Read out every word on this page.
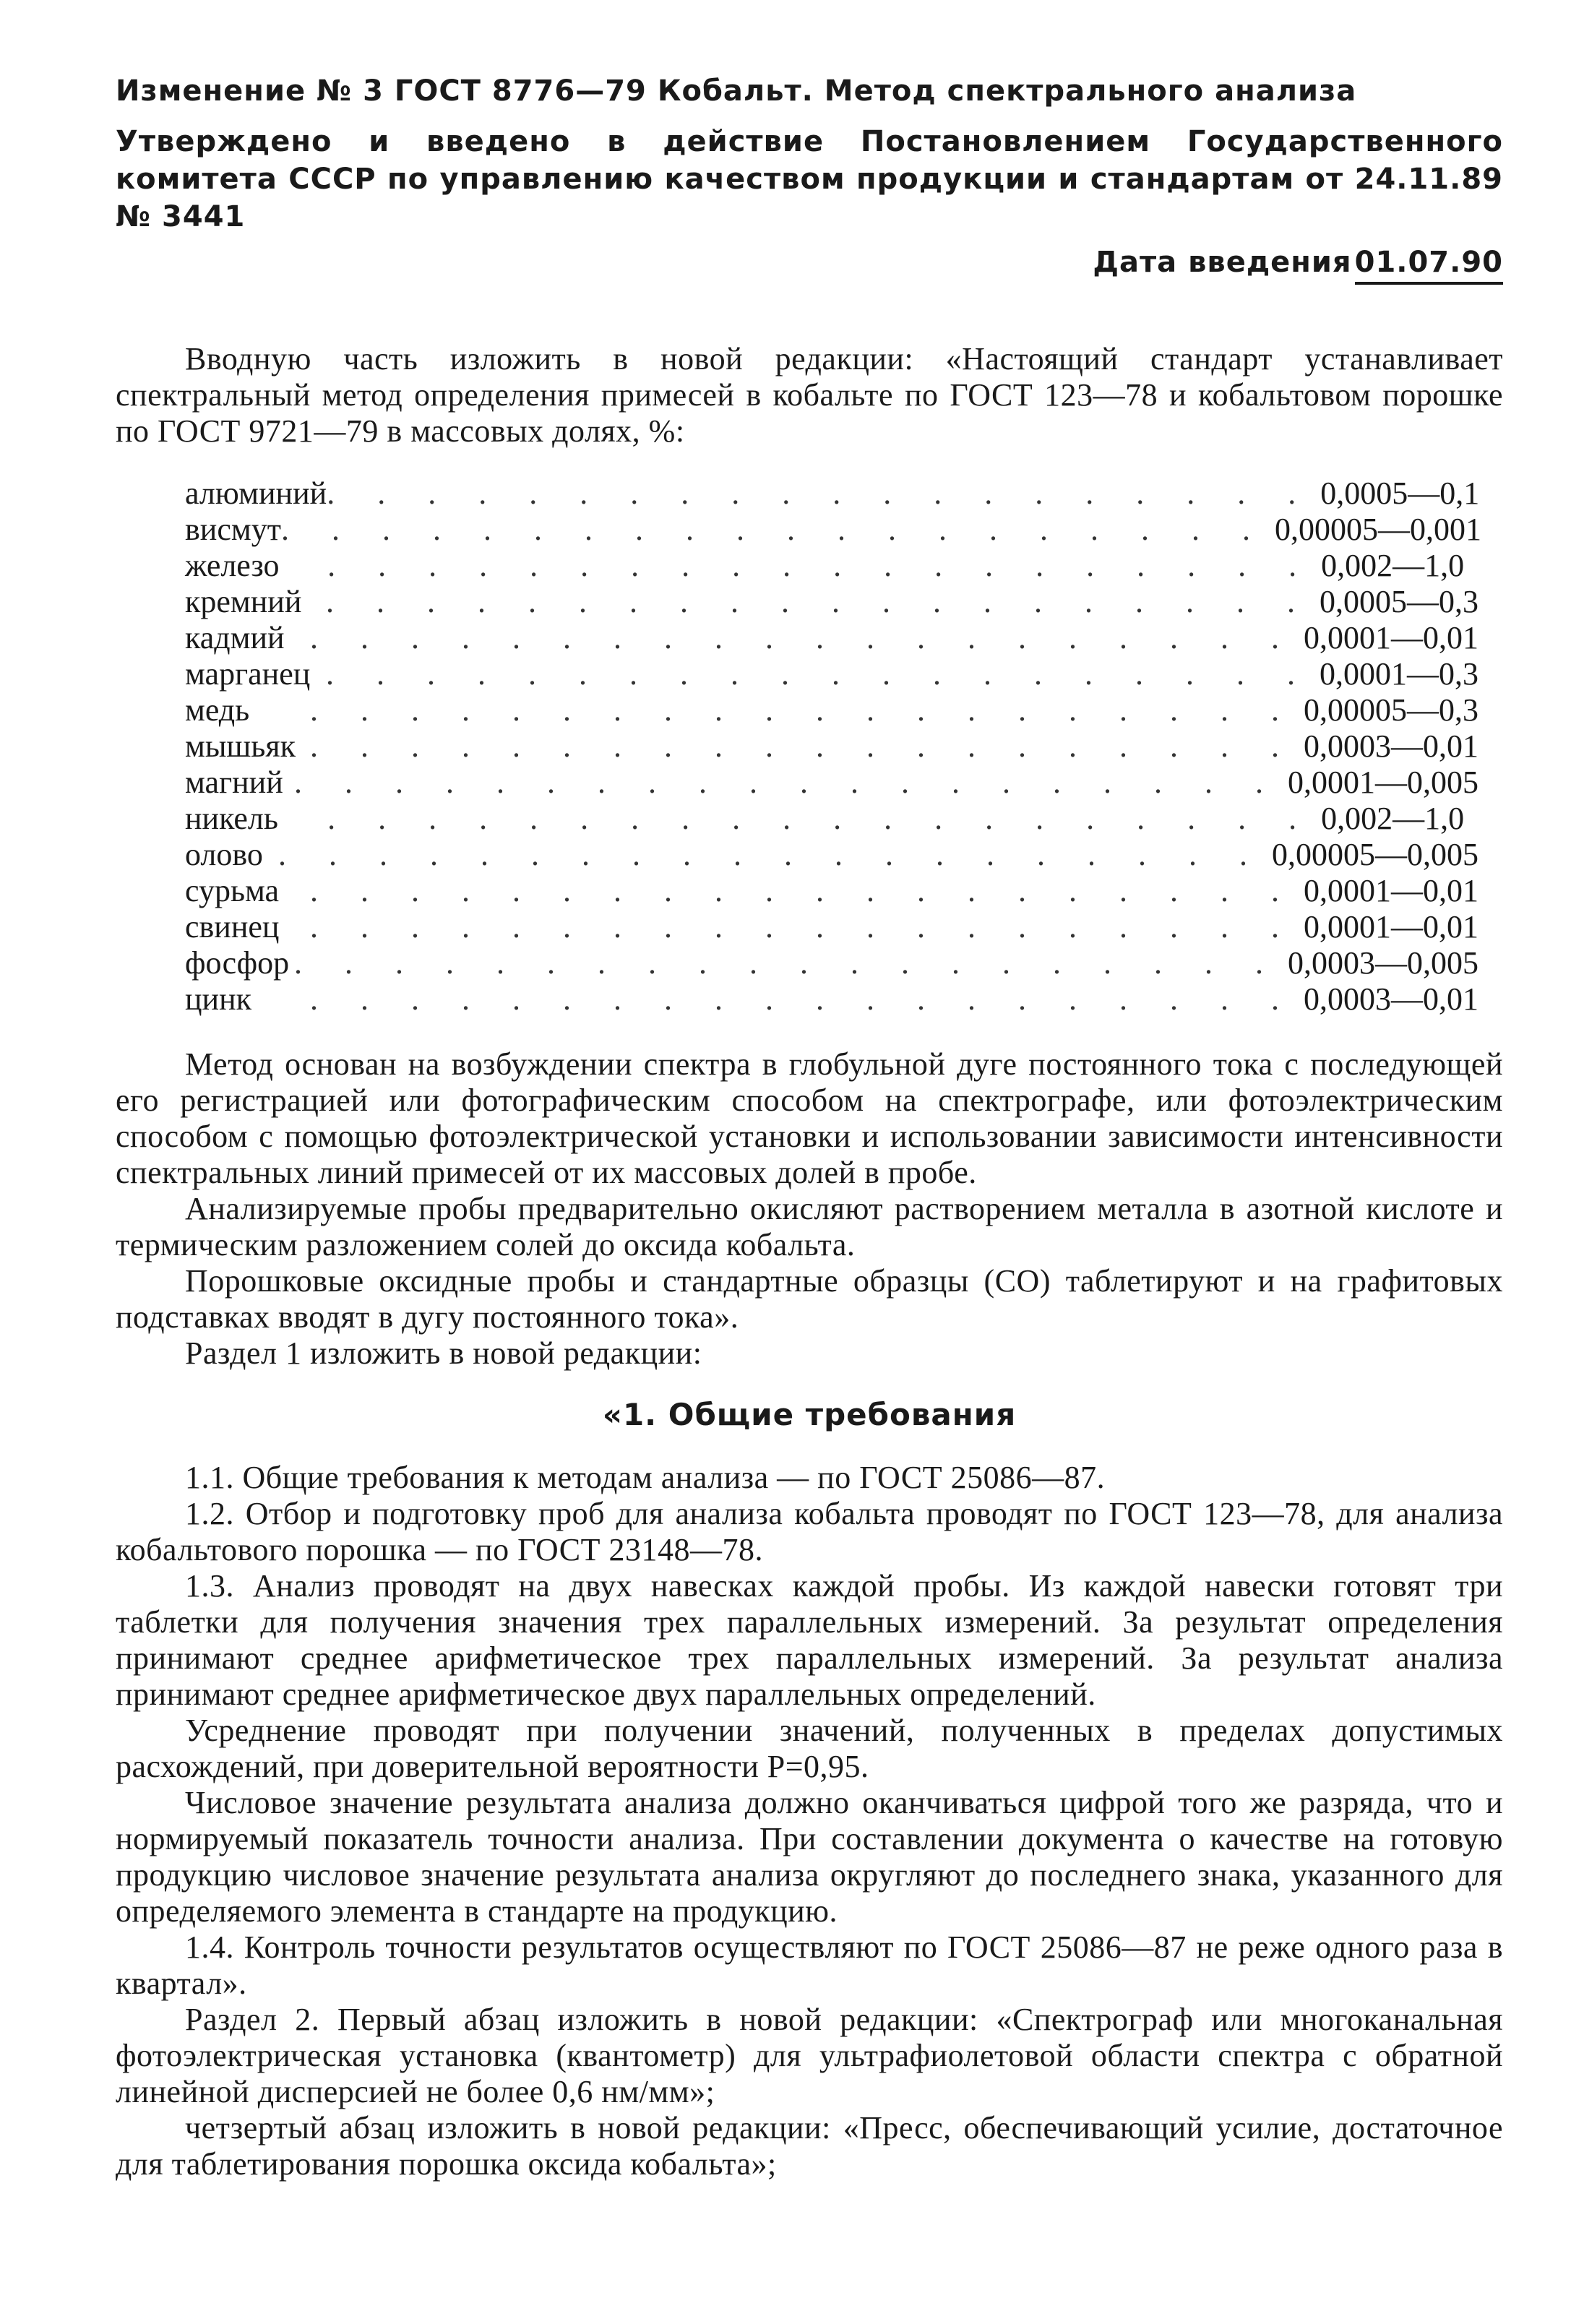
Изменение № 3 ГОСТ 8776—79 Кобальт. Метод спектрального анализа
Утверждено и введено в действие Постановлением Государственного комитета СССР по управлению качеством продукции и стандартам от 24.11.89 № 3441
Дата введения 01.07.90

Вводную часть изложить в новой редакции: «Настоящий стандарт устанавливает спектральный метод определения примесей в кобальте по ГОСТ 123—78 и кобальтовом порошке по ГОСТ 9721—79 в массовых долях, %:

алюминий . . . . . . . . . . . . . . . . . . . . 0,0005—0,1
висмут . . . . . . . . . . . . . . . . . . . . 0,00005—0,001
железо	. . . . . . . . . . . . . . . . . . . . 0,002—1,0
кремний . . . . . . . . . . . . . . . . . . . . 0,0005—0,3
кадмий . . . . . . . . . . . . . . . . . . . . 0,0001—0,01
марганец . . . . . . . . . . . . . . . . . . . . 0,0001—0,3
медь	. . . . . . . . . . . . . . . . . . . . 0,00005—0,3
мышьяк . . . . . . . . . . . . . . . . . . . . 0,0003—0,01
магний . . . . . . . . . . . . . . . . . . . . 0,0001—0,005
никель	. . . . . . . . . . . . . . . . . . . . 0,002—1,0
олово . . . . . . . . . . . . . . . . . . . . 0,00005—0,005
сурьма . . . . . . . . . . . . . . . . . . . . 0,0001—0,01
свинец . . . . . . . . . . . . . . . . . . . . 0,0001—0,01
фосфор . . . . . . . . . . . . . . . . . . . . 0,0003—0,005
цинк	. . . . . . . . . . . . . . . . . . . . 0,0003—0,01

Метод основан на возбуждении спектра в глобульной дуге постоянного тока с последующей его регистрацией или фотографическим способом на спектрографе, или фотоэлектрическим способом с помощью фотоэлектрической установки и использовании зависимости интенсивности спектральных линий примесей от их массовых долей в пробе.

Анализируемые пробы предварительно окисляют растворением металла в азотной кислоте и термическим разложением солей до оксида кобальта.

Порошковые оксидные пробы и стандартные образцы (СО) таблетируют и на графитовых подставках вводят в дугу постоянного тока».

Раздел 1 изложить в новой редакции:

«1. Общие требования

1.1. Общие требования к методам анализа — по ГОСТ 25086—87.

1.2. Отбор и подготовку проб для анализа кобальта проводят по ГОСТ 123—78, для анализа кобальтового порошка — по ГОСТ 23148—78.

1.3. Анализ проводят на двух навесках каждой пробы. Из каждой навески готовят три таблетки для получения значения трех параллельных измерений. За результат определения принимают среднее арифметическое трех параллельных измерений. За результат анализа принимают среднее арифметическое двух параллельных определений.

Усреднение проводят при получении значений, полученных в пределах допустимых расхождений, при доверительной вероятности P=0,95.

Числовое значение результата анализа должно оканчиваться цифрой того же разряда, что и нормируемый показатель точности анализа. При составлении документа о качестве на готовую продукцию числовое значение результата анализа округляют до последнего знака, указанного для определяемого элемента в стандарте на продукцию.

1.4. Контроль точности результатов осуществляют по ГОСТ 25086—87 не реже одного раза в квартал».

Раздел 2. Первый абзац изложить в новой редакции: «Спектрограф или многоканальная фотоэлектрическая установка (квантометр) для ультрафиолетовой области спектра с обратной линейной дисперсией не более 0,6 нм/мм»;

четзертый абзац изложить в новой редакции: «Пресс, обеспечивающий усилие, достаточное для таблетирования порошка оксида кобальта»;
